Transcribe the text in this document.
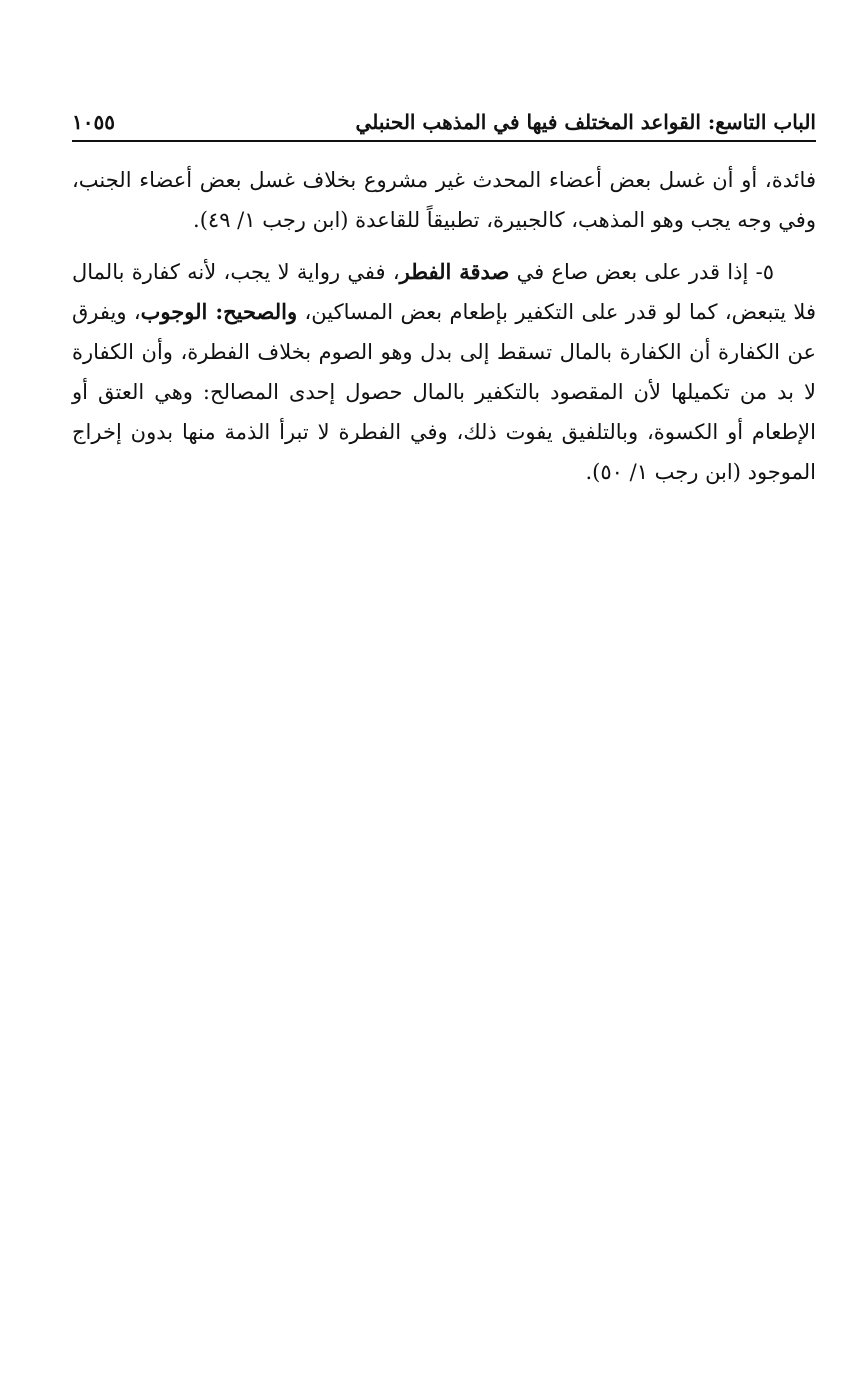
الباب التاسع: القواعد المختلف فيها في المذهب الحنبلي
١٠٥٥

فائدة، أو أن غسل بعض أعضاء المحدث غير مشروع بخلاف غسل بعض أعضاء الجنب، وفي وجه يجب وهو المذهب، كالجبيرة، تطبيقاً للقاعدة (ابن رجب ١/ ٤٩).

٥- إذا قدر على بعض صاع في صدقة الفطر، ففي رواية لا يجب، لأنه كفارة بالمال فلا يتبعض، كما لو قدر على التكفير بإطعام بعض المساكين، والصحيح: الوجوب، ويفرق عن الكفارة أن الكفارة بالمال تسقط إلى بدل وهو الصوم بخلاف الفطرة، وأن الكفارة لا بد من تكميلها لأن المقصود بالتكفير بالمال حصول إحدى المصالح: وهي العتق أو الإطعام أو الكسوة، وبالتلفيق يفوت ذلك، وفي الفطرة لا تبرأ الذمة منها بدون إخراج الموجود (ابن رجب ١/ ٥٠).
